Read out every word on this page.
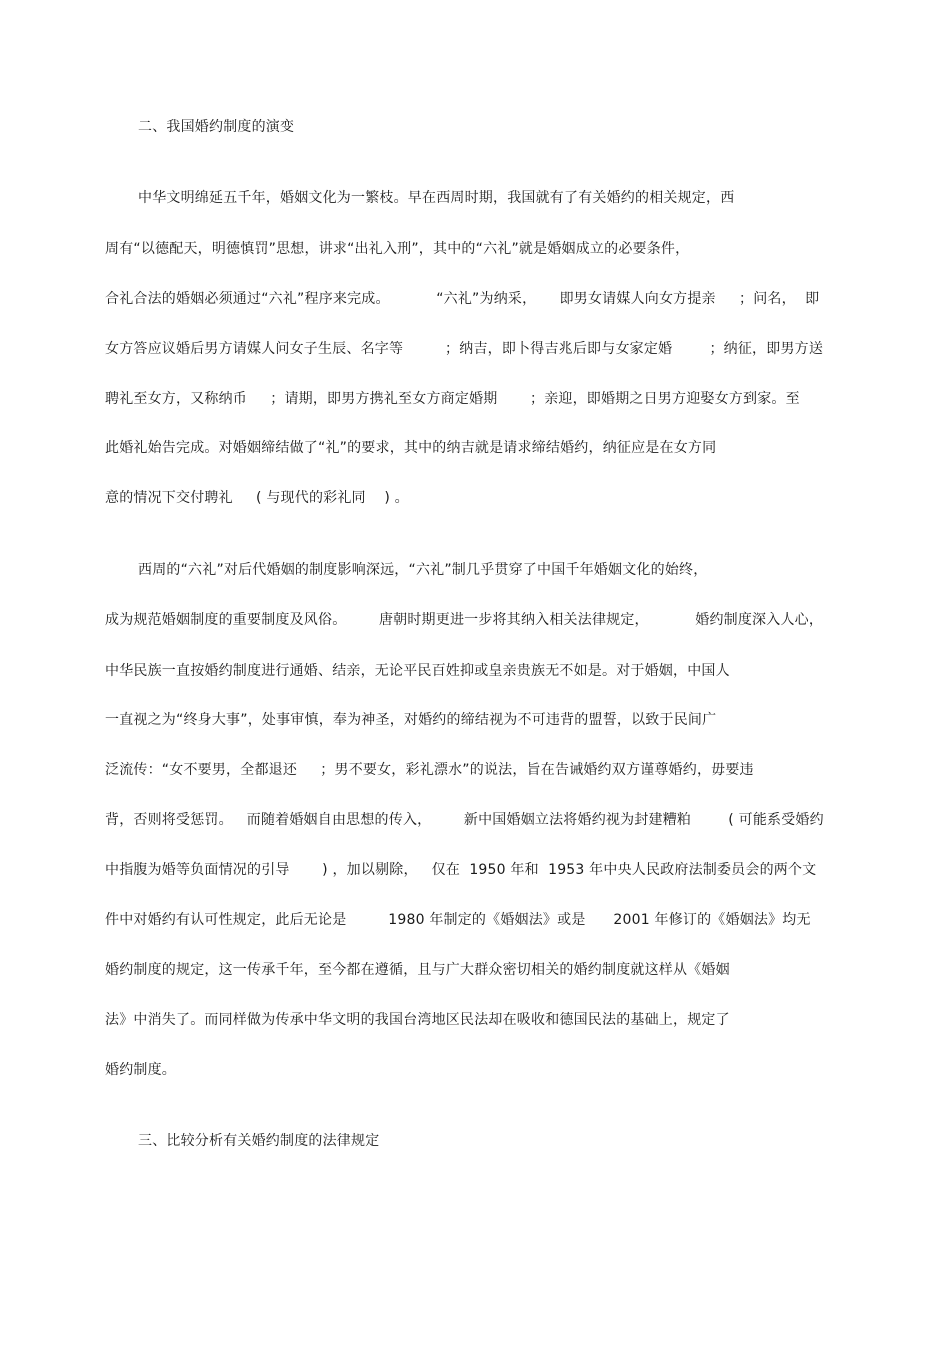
二、我国婚约制度的演变
中华文明绵延五千年，婚姻文化为一繁枝。早在西周时期，我国就有了有关婚约的相关规定，西
周有“以德配天，明德慎罚”思想，讲求“出礼入刑”，其中的“六礼”就是婚姻成立的必要条件，
合礼合法的婚姻必须通过“六礼”程序来完成。          “六礼”为纳采，     即男女请媒人向女方提亲     ；问名，  即
女方答应议婚后男方请媒人问女子生辰、名字等         ；纳吉，即卜得吉兆后即与女家定婚        ；纳征，即男方送
聘礼至女方，又称纳币     ；请期，即男方携礼至女方商定婚期       ；亲迎，即婚期之日男方迎娶女方到家。至
此婚礼始告完成。对婚姻缔结做了“礼”的要求，其中的纳吉就是请求缔结婚约，纳征应是在女方同
意的情况下交付聘礼     ( 与现代的彩礼同    ) 。
西周的“六礼”对后代婚姻的制度影响深远，“六礼”制几乎贯穿了中国千年婚姻文化的始终，
成为规范婚姻制度的重要制度及风俗。       唐朝时期更进一步将其纳入相关法律规定，          婚约制度深入人心，
中华民族一直按婚约制度进行通婚、结亲，无论平民百姓抑或皇亲贵族无不如是。对于婚姻，中国人
一直视之为“终身大事”，处事审慎，奉为神圣，对婚约的缔结视为不可违背的盟誓，以致于民间广
泛流传：“女不要男，全都退还     ；男不要女，彩礼漂水”的说法，旨在告诫婚约双方谨尊婚约，毋要违
背，否则将受惩罚。   而随着婚姻自由思想的传入，       新中国婚姻立法将婚约视为封建糟粕        ( 可能系受婚约
中指腹为婚等负面情况的引导       ) ，加以剔除，   仅在  1950 年和  1953 年中央人民政府法制委员会的两个文
件中对婚约有认可性规定，此后无论是         1980 年制定的《婚姻法》或是      2001 年修订的《婚姻法》均无
婚约制度的规定，这一传承千年，至今都在遵循，且与广大群众密切相关的婚约制度就这样从《婚姻
法》中消失了。而同样做为传承中华文明的我国台湾地区民法却在吸收和德国民法的基础上，规定了
婚约制度。
三、比较分析有关婚约制度的法律规定
